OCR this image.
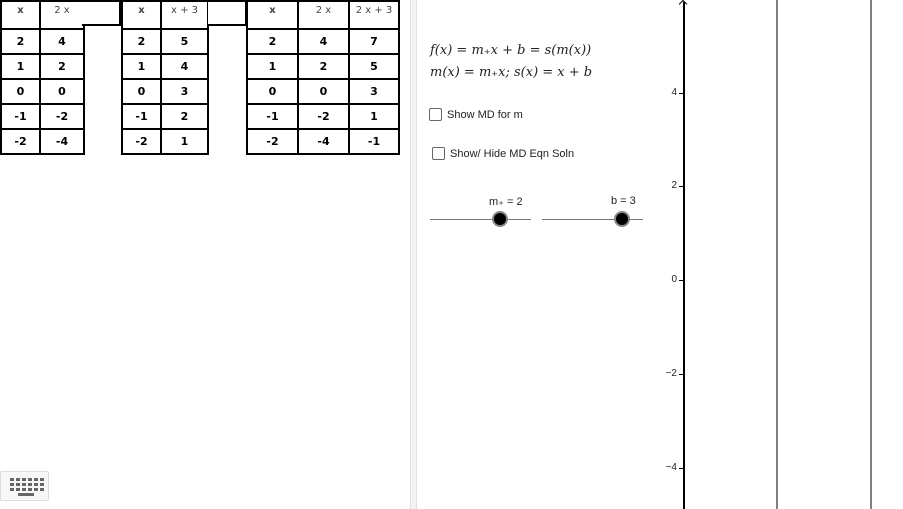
x	2 x
2	4
1	2
0	0
-1	-2
-2	-4
x	x + 3
2	5
1	4
0	3
-1	2
-2	1
x	2 x	2 x + 3
2	4	7
1	2	5
0	0	3
-1	-2	1
-2	-4	-1
f(x) = m₊x + b = s(m(x))
m(x) = m₊x; s(x) = x + b
Show MD for m
Show/ Hide MD Eqn Soln
m₊ = 2	b = 3
4
2
0
−2
−4
